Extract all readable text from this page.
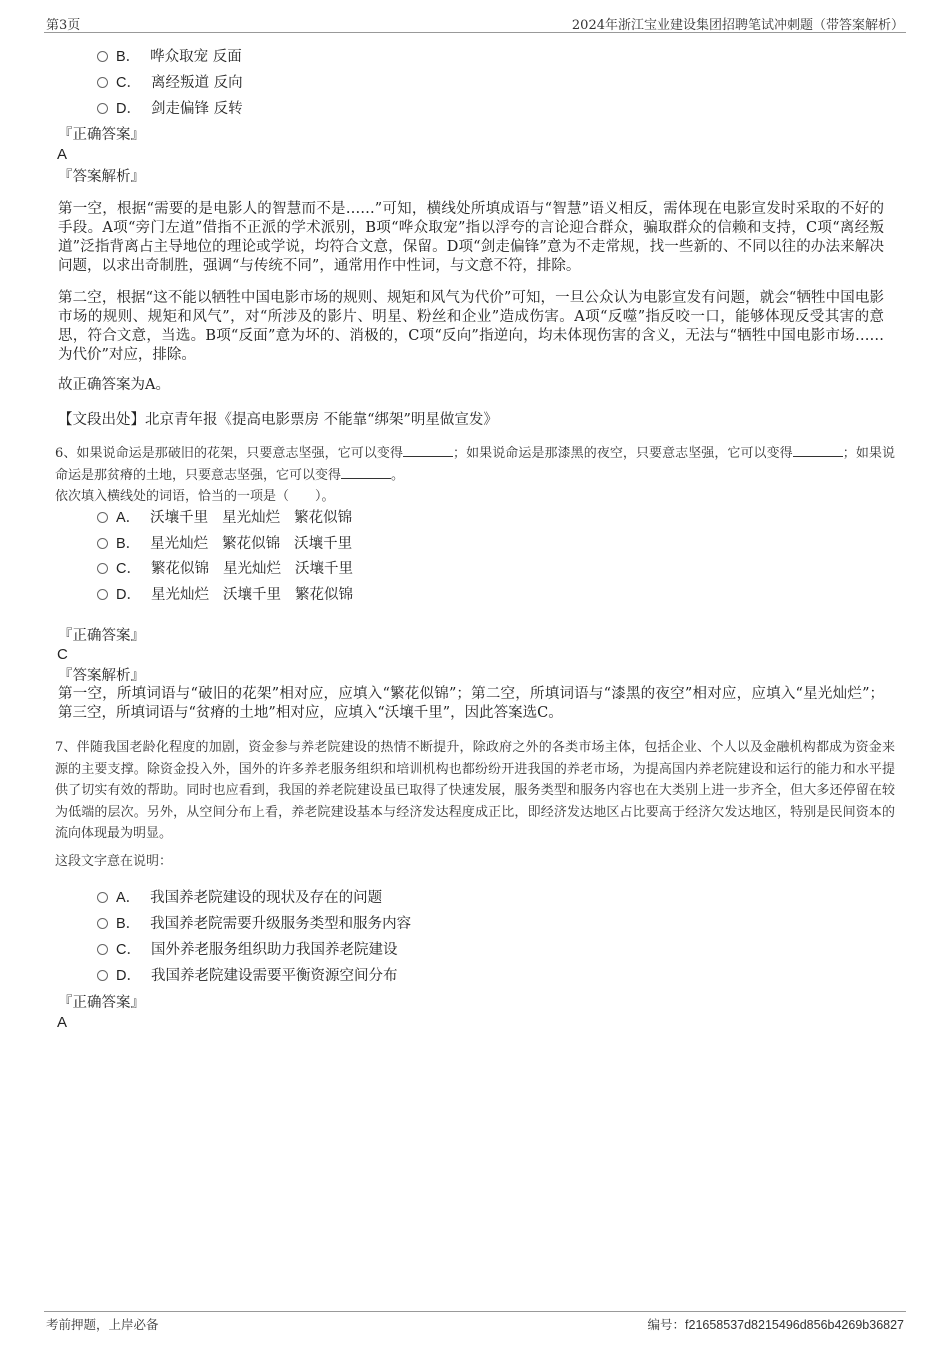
第3页	2024年浙江宝业建设集团招聘笔试冲刺题（带答案解析）
B． 哗众取宠 反面
C． 离经叛道 反向
D． 剑走偏锋 反转
『正确答案』
A
『答案解析』
第一空，根据“需要的是电影人的智慧而不是……”可知，横线处所填成语与“智慧”语义相反，需体现在电影宣发时采取的不好的手段。A项“旁门左道”借指不正派的学术派别，B项“哗众取宠”指以浮夸的言论迎合群众，骗取群众的信赖和支持，C项“离经叛道”泛指背离占主导地位的理论或学说，均符合文意，保留。D项“剑走偏锋”意为不走常规，找一些新的、不同以往的办法来解决问题，以求出奇制胜，强调“与传统不同”，通常用作中性词，与文意不符，排除。
第二空，根据“这不能以牺牲中国电影市场的规则、规矩和风气为代价”可知，一旦公众认为电影宣发有问题，就会“牺牲中国电影市场的规则、规矩和风气”，对“所涉及的影片、明星、粉丝和企业”造成伤害。A项“反噬”指反咬一口，能够体现反受其害的意思，符合文意，当选。B项“反面”意为坏的、消极的，C项“反向”指逆向，均未体现伤害的含义，无法与“牺牲中国电影市场……为代价”对应，排除。
故正确答案为A。
【文段出处】北京青年报《提高电影票房 不能靠“绑架”明星做宣发》
6、如果说命运是那破旧的花架，只要意志坚强，它可以变得	；如果说命运是那漆黑的夜空，只要意志坚强，它可以变得	；如果说命运是那贫瘠的土地，只要意志坚强，它可以变得	。
依次填入横线处的词语，恰当的一项是（　　）。
A． 沃壤千里 星光灿烂 繁花似锦
B． 星光灿烂 繁花似锦 沃壤千里
C． 繁花似锦 星光灿烂 沃壤千里
D． 星光灿烂 沃壤千里 繁花似锦
『正确答案』
C
『答案解析』
第一空，所填词语与“破旧的花架”相对应，应填入“繁花似锦”；第二空，所填词语与“漆黑的夜空”相对应，应填入“星光灿烂”；第三空，所填词语与“贫瘠的土地”相对应，应填入“沃壤千里”，因此答案选C。
7、伴随我国老龄化程度的加剧，资金参与养老院建设的热情不断提升，除政府之外的各类市场主体，包括企业、个人以及金融机构都成为资金来源的主要支撑。除资金投入外，国外的许多养老服务组织和培训机构也都纷纷开进我国的养老市场，为提高国内养老院建设和运行的能力和水平提供了切实有效的帮助。同时也应看到，我国的养老院建设虽已取得了快速发展，服务类型和服务内容也在大类别上进一步齐全，但大多还停留在较为低端的层次。另外，从空间分布上看，养老院建设基本与经济发达程度成正比，即经济发达地区占比要高于经济欠发达地区，特别是民间资本的流向体现最为明显。
这段文字意在说明：
A． 我国养老院建设的现状及存在的问题
B． 我国养老院需要升级服务类型和服务内容
C． 国外养老服务组织助力我国养老院建设
D． 我国养老院建设需要平衡资源空间分布
『正确答案』
A
考前押题，上岸必备	编号：f21658537d8215496d856b4269b36827
